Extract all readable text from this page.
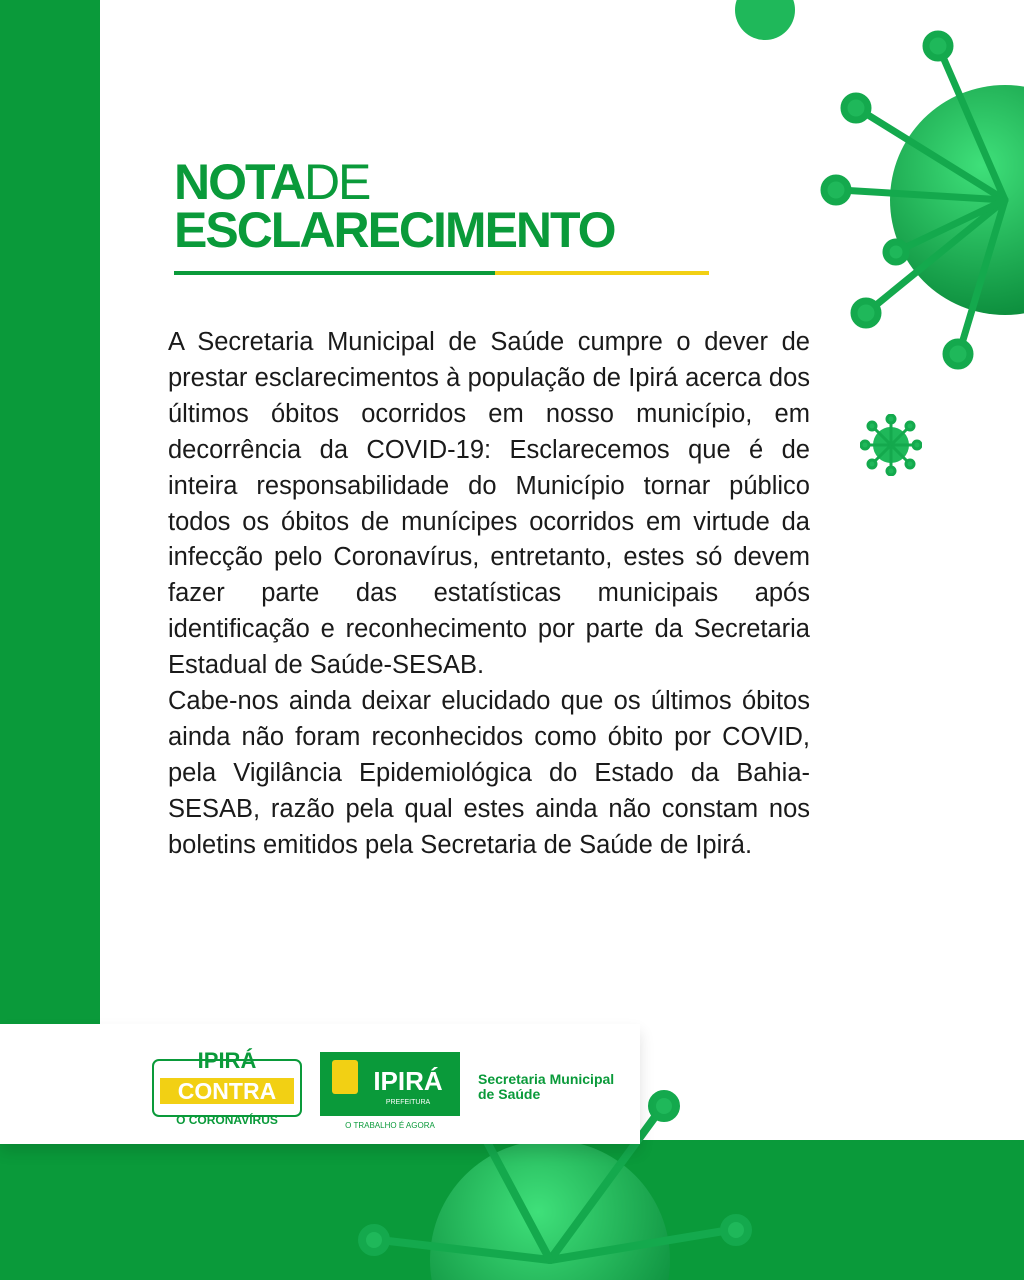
NOTADE
ESCLARECIMENTO

A Secretaria Municipal de Saúde cumpre o dever de prestar esclarecimentos à população de Ipirá acerca dos últimos óbitos ocorridos em nosso município, em decorrência da COVID-19: Esclarecemos que é de inteira responsabilidade do Município tornar público todos os óbitos de munícipes ocorridos em virtude da infecção pelo Coronavírus, entretanto, estes só devem fazer parte das estatísticas municipais após identificação e reconhecimento por parte da Secretaria Estadual de Saúde-SESAB.

Cabe-nos ainda deixar elucidado que os últimos óbitos ainda não foram reconhecidos como óbito por COVID, pela Vigilância Epidemiológica do Estado da Bahia-SESAB, razão pela qual estes ainda não constam nos boletins emitidos pela Secretaria de Saúde de Ipirá.

IPIRÁ
CONTRA
O CORONAVÍRUS
IPIRÁ
PREFEITURA
O TRABALHO É AGORA
Secretaria Municipal
de Saúde
